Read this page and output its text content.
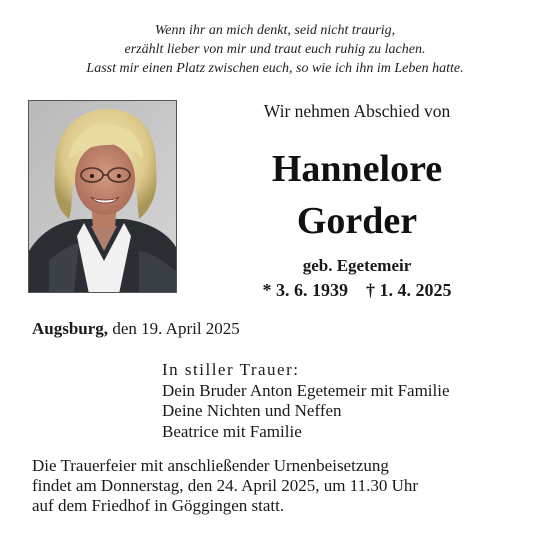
Wenn ihr an mich denkt, seid nicht traurig,
erzählt lieber von mir und traut euch ruhig zu lachen.
Lasst mir einen Platz zwischen euch, so wie ich ihn im Leben hatte.
Wir nehmen Abschied von
Hannelore
Gorder
geb. Egetemeir
* 3. 6. 1939 † 1. 4. 2025
Augsburg, den 19. April 2025
In stiller Trauer:
Dein Bruder Anton Egetemeir mit Familie
Deine Nichten und Neffen
Beatrice mit Familie
Die Trauerfeier mit anschließender Urnenbeisetzung
findet am Donnerstag, den 24. April 2025, um 11.30 Uhr
auf dem Friedhof in Göggingen statt.
